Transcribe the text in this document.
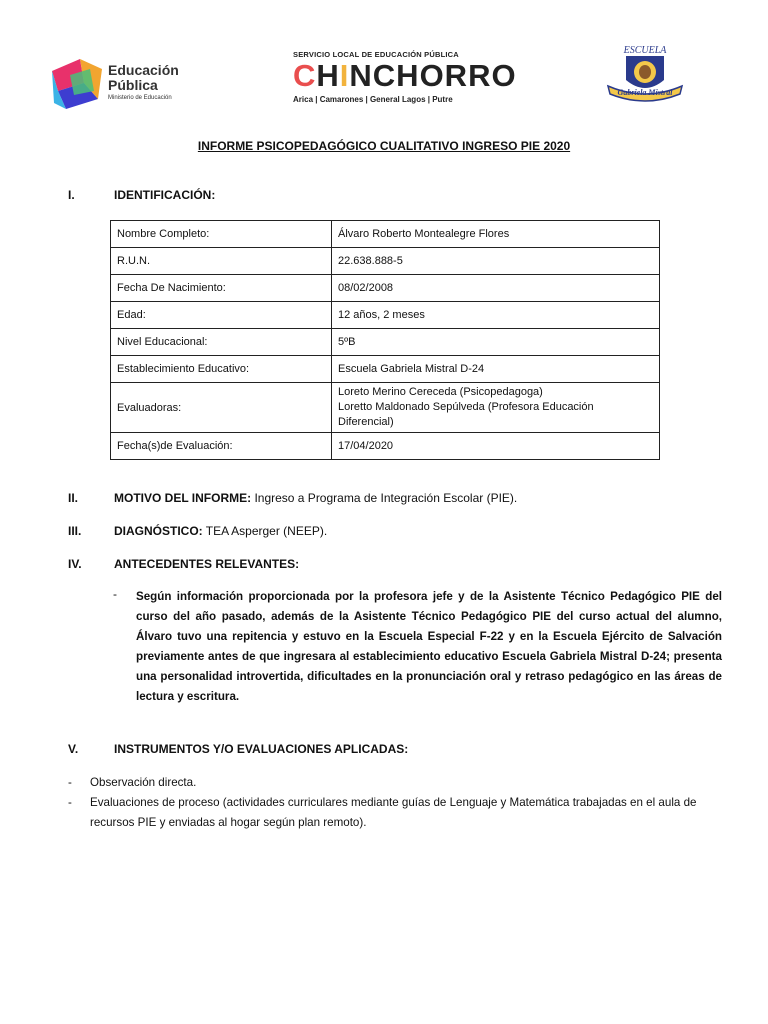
Educación
Pública
Ministerio de Educación
SERVICIO LOCAL DE EDUCACIÓN PÚBLICA
CHINCHORRO
Arica | Camarones | General Lagos | Putre
ESCUELA
Gabriela Mistral
INFORME PSICOPEDAGÓGICO CUALITATIVO INGRESO PIE 2020
I.	IDENTIFICACIÓN:
Nombre Completo:	Álvaro Roberto Montealegre Flores
R.U.N.	22.638.888-5
Fecha De Nacimiento:	08/02/2008
Edad:	12 años, 2 meses
Nivel Educacional:	5ºB
Establecimiento Educativo:	Escuela Gabriela Mistral D-24
Evaluadoras:	Loreto Merino Cereceda (Psicopedagoga)
Loretto Maldonado Sepúlveda (Profesora Educación
Diferencial)

Fecha(s)de Evaluación:	17/04/2020
II.	MOTIVO DEL INFORME: Ingreso a Programa de Integración Escolar (PIE).
III.	DIAGNÓSTICO: TEA Asperger (NEEP).
IV.	ANTECEDENTES RELEVANTES:
- Según información proporcionada por la profesora jefe y de la Asistente Técnico Pedagógico PIE del curso del año pasado, además de la Asistente Técnico Pedagógico PIE del curso actual del alumno, Álvaro tuvo una repitencia y estuvo en la Escuela Especial F-22 y en la Escuela Ejército de Salvación previamente antes de que ingresara al establecimiento educativo Escuela Gabriela Mistral D-24; presenta una personalidad introvertida, dificultades en la pronunciación oral y retraso pedagógico en las áreas de lectura y escritura.
V.	INSTRUMENTOS Y/O EVALUACIONES APLICADAS:
- Observación directa.
- Evaluaciones de proceso (actividades curriculares mediante guías de Lenguaje y Matemática trabajadas en el aula de recursos PIE y enviadas al hogar según plan remoto).
